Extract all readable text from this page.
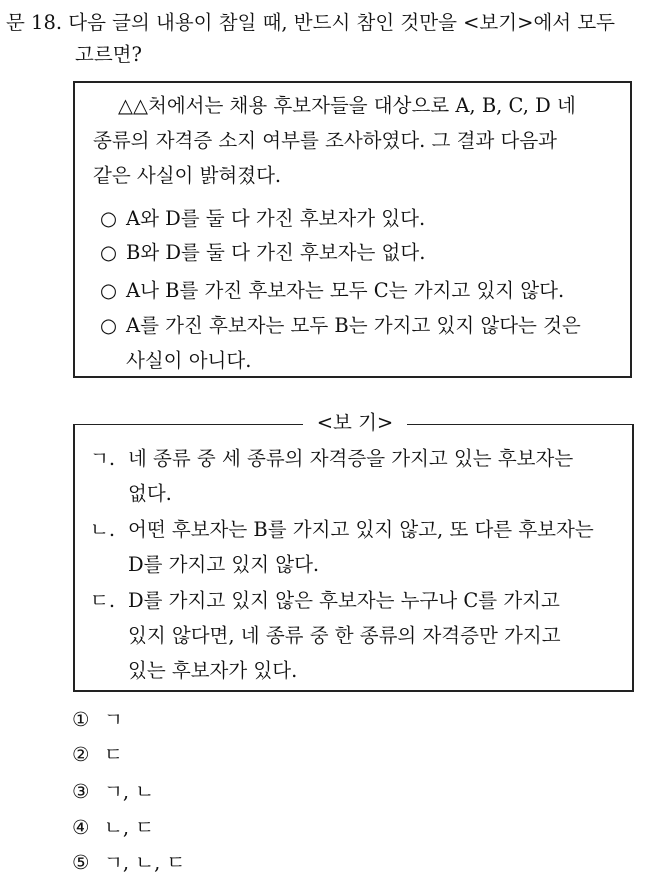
문 18. 다음 글의 내용이 참일 때, 반드시 참인 것만을 <보기>에서 모두
고르면?
△△처에서는 채용 후보자들을 대상으로 A, B, C, D 네
종류의 자격증 소지 여부를 조사하였다. 그 결과 다음과
같은 사실이 밝혀졌다.
○ A와 D를 둘 다 가진 후보자가 있다.
○ B와 D를 둘 다 가진 후보자는 없다.
○ A나 B를 가진 후보자는 모두 C는 가지고 있지 않다.
○ A를 가진 후보자는 모두 B는 가지고 있지 않다는 것은
사실이 아니다.
<보 기>
ㄱ. 네 종류 중 세 종류의 자격증을 가지고 있는 후보자는
없다.
ㄴ. 어떤 후보자는 B를 가지고 있지 않고, 또 다른 후보자는
D를 가지고 있지 않다.
ㄷ. D를 가지고 있지 않은 후보자는 누구나 C를 가지고
있지 않다면, 네 종류 중 한 종류의 자격증만 가지고
있는 후보자가 있다.
① ㄱ
② ㄷ
③ ㄱ, ㄴ
④ ㄴ, ㄷ
⑤ ㄱ, ㄴ, ㄷ
